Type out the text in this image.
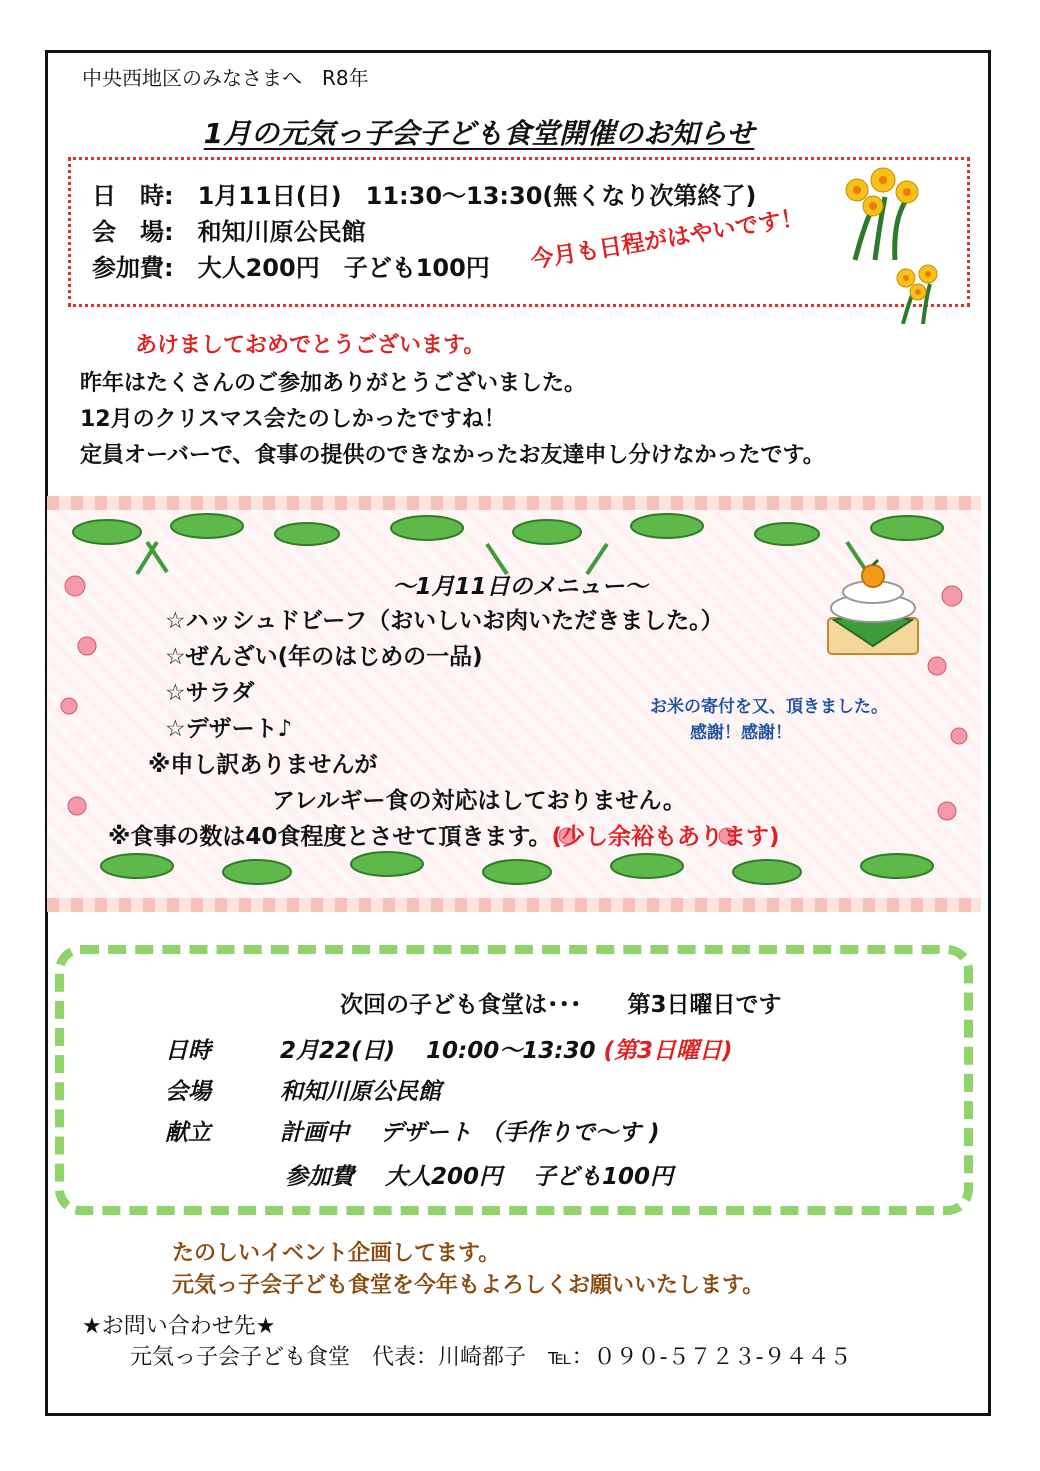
中央西地区のみなさまへ　R8年
1月の元気っ子会子ども食堂開催のお知らせ
日　時:　1月11日(日)　11:30～13:30(無くなり次第終了)
会　場:　和知川原公民館
参加費:　大人200円　子ども100円 今月も日程がはやいです！
あけましておめでとうございます。
昨年はたくさんのご参加ありがとうございました。
12月のクリスマス会たのしかったですね！
定員オーバーで、食事の提供のできなかったお友達申し分けなかったです。
～1月11日のメニュー～
☆ハッシュドビーフ（おいしいお肉いただきました。）
☆ぜんざい(年のはじめの一品)
☆サラダ
☆デザート♪
※申し訳ありませんが
アレルギー食の対応はしておりません。
※食事の数は40食程度とさせて頂きます。(少し余裕もあります)
お米の寄付を又、頂きました。
感謝！感謝！
次回の子ども食堂は･･･　　第3日曜日です
日時	2月22(日)　 10:00～13:30 (第3日曜日)
会場	和知川原公民館
献立	計画中　 デザート （手作りで～す )
参加費　 大人200円　 子ども100円
たのしいイベント企画してます。
元気っ子会子ども食堂を今年もよろしくお願いいたします。
★お問い合わせ先★
元気っ子会子ども食堂　代表：川崎都子　℡：０９０-５７２３-９４４５
